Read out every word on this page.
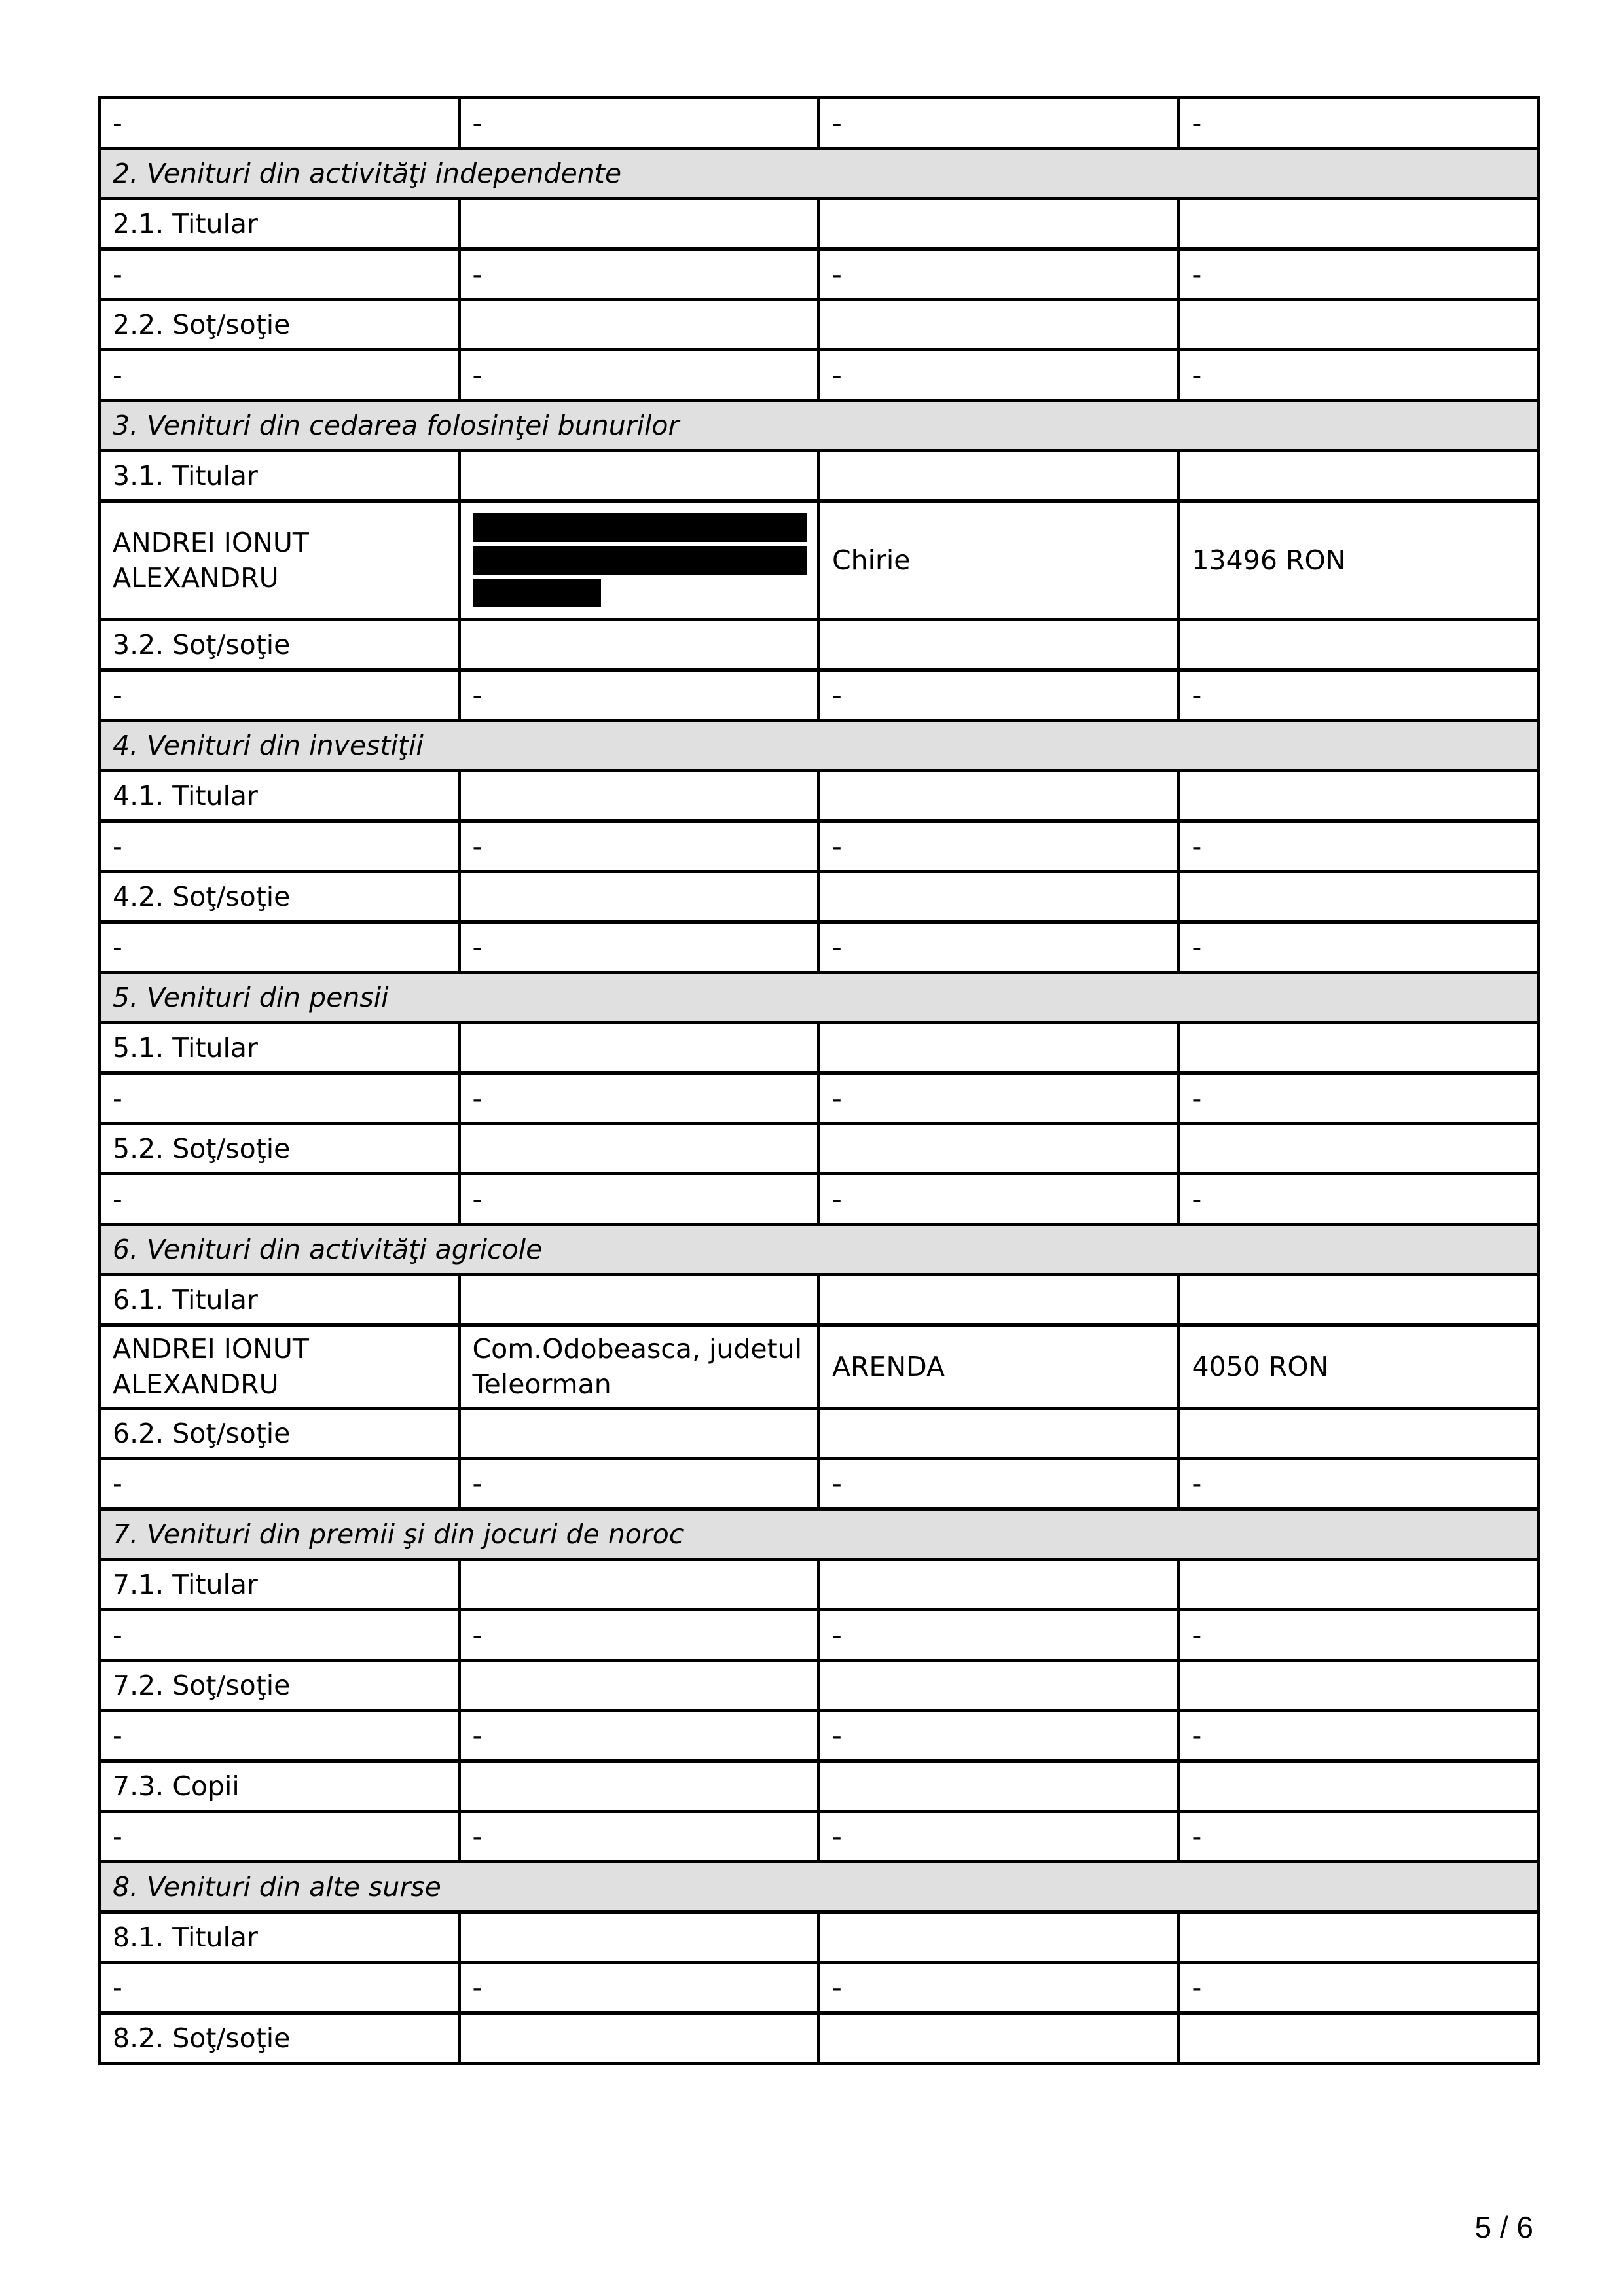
-	-	-	-
2. Venituri din activităţi independente			
2.1. Titular			
-	-	-	-
2.2. Soţ/soţie			
-	-	-	-
3. Venituri din cedarea folosinţei bunurilor			
3.1. Titular			
ANDREI IONUT ALEXANDRU		Chirie	13496 RON
3.2. Soţ/soţie			
-	-	-	-
4. Venituri din investiţii			
4.1. Titular			
-	-	-	-
4.2. Soţ/soţie			
-	-	-	-
5. Venituri din pensii			
5.1. Titular			
-	-	-	-
5.2. Soţ/soţie			
-	-	-	-
6. Venituri din activităţi agricole			
6.1. Titular			
ANDREI IONUT ALEXANDRU	Com.Odobeasca, judetul Teleorman	ARENDA	4050 RON
6.2. Soţ/soţie			
-	-	-	-
7. Venituri din premii şi din jocuri de noroc			
7.1. Titular			
-	-	-	-
7.2. Soţ/soţie			
-	-	-	-
7.3. Copii			
-	-	-	-
8. Venituri din alte surse			
8.1. Titular			
-	-	-	-
8.2. Soţ/soţie			
5 / 6
